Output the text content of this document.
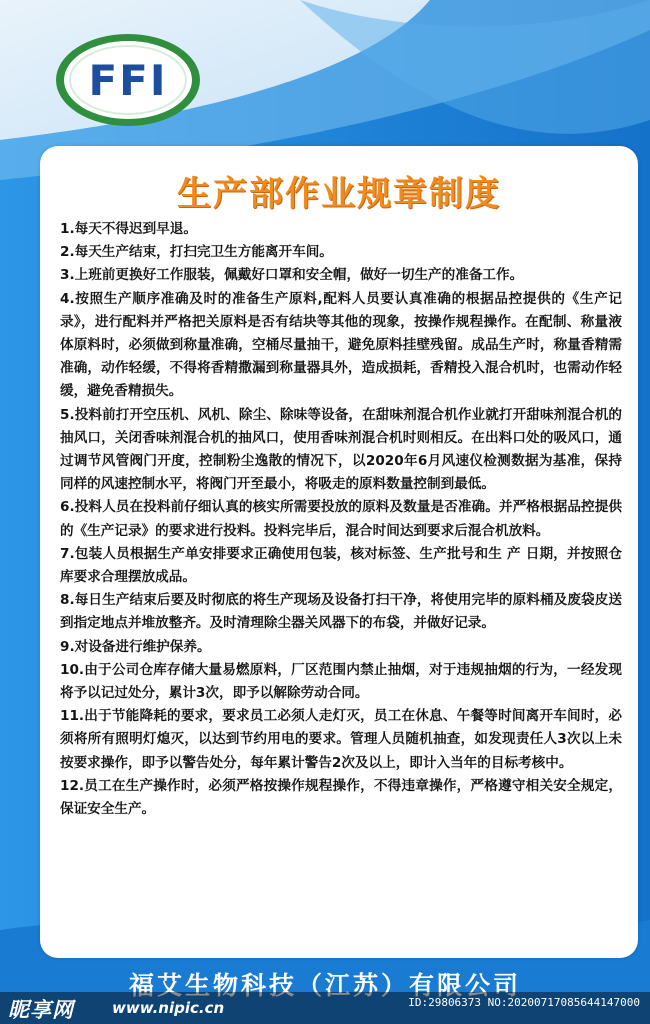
FFI
生产部作业规章制度

1.每天不得迟到早退。

2.每天生产结束，打扫完卫生方能离开车间。

3.上班前更换好工作服装，佩戴好口罩和安全帽，做好一切生产的准备工作。

4.按照生产顺序准确及时的准备生产原料,配料人员要认真准确的根据品控提供的《生产记录》，进行配料并严格把关原料是否有结块等其他的现象，按操作规程操作。在配制、称量液体原料时，必须做到称量准确，空桶尽量抽干，避免原料挂壁残留。成品生产时，称量香精需准确，动作轻缓，不得将香精撒漏到称量器具外，造成损耗，香精投入混合机时，也需动作轻缓，避免香精损失。

5.投料前打开空压机、风机、除尘、除味等设备，在甜味剂混合机作业就打开甜味剂混合机的抽风口，关闭香味剂混合机的抽风口，使用香味剂混合机时则相反。在出料口处的吸风口，通过调节风管阀门开度，控制粉尘逸散的情况下，以2020年6月风速仪检测数据为基准，保持同样的风速控制水平，将阀门开至最小，将吸走的原料数量控制到最低。

6.投料人员在投料前仔细认真的核实所需要投放的原料及数量是否准确。并严格根据品控提供的《生产记录》的要求进行投料。投料完毕后，混合时间达到要求后混合机放料。

7.包装人员根据生产单安排要求正确使用包装，核对标签、生产批号和生 产 日期，并按照仓库要求合理摆放成品。

8.每日生产结束后要及时彻底的将生产现场及设备打扫干净，将使用完毕的原料桶及废袋皮送到指定地点并堆放整齐。及时清理除尘器关风器下的布袋，并做好记录。

9.对设备进行维护保养。

10.由于公司仓库存储大量易燃原料，厂区范围内禁止抽烟，对于违规抽烟的行为，一经发现将予以记过处分，累计3次，即予以解除劳动合同。

11.出于节能降耗的要求，要求员工必须人走灯灭，员工在休息、午餐等时间离开车间时，必须将所有照明灯熄灭，以达到节约用电的要求。管理人员随机抽查，如发现责任人3次以上未按要求操作，即予以警告处分，每年累计警告2次及以上，即计入当年的目标考核中。

12.员工在生产操作时，必须严格按操作规程操作，不得违章操作，严格遵守相关安全规定，保证安全生产。

福艾生物科技（江苏）有限公司
昵享网	www.nipic.cn	ID:29806373 NO:20200717085644147000
